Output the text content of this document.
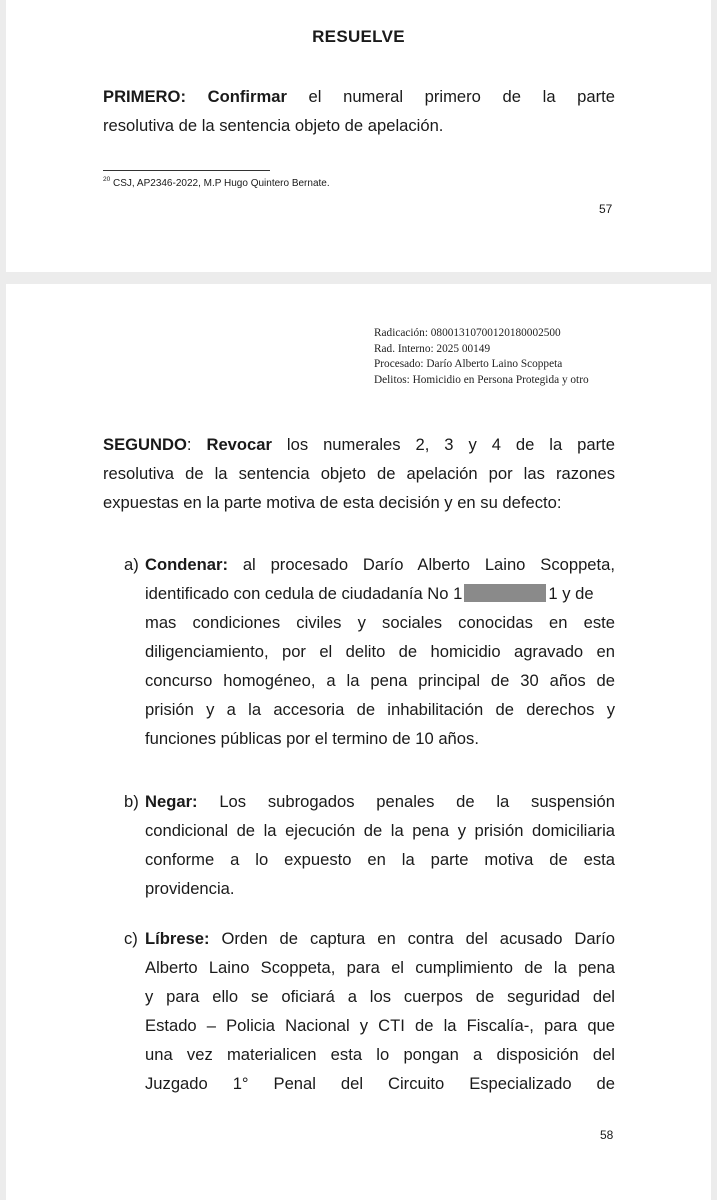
RESUELVE
PRIMERO: Confirmar el numeral primero de la parte
resolutiva de la sentencia objeto de apelación.
$^{20}$ CSJ, AP2346-2022, M.P Hugo Quintero Bernate.
57
Radicación: 08001310700120180002500
Rad. Interno: 2025 00149
Procesado: Darío Alberto Laino Scoppeta
Delitos: Homicidio en Persona Protegida y otro
SEGUNDO: Revocar los numerales 2, 3 y 4 de la parte
resolutiva de la sentencia objeto de apelación por las razones
expuestas en la parte motiva de esta decisión y en su defecto:
a) Condenar: al procesado Darío Alberto Laino Scoppeta,
identificado con cedula de ciudadanía No 1	1 y de
mas condiciones civiles y sociales conocidas en este
diligenciamiento, por el delito de homicidio agravado en
concurso homogéneo, a la pena principal de 30 años de
prisión y a la accesoria de inhabilitación de derechos y
funciones públicas por el termino de 10 años.
b) Negar: Los subrogados penales de la suspensión
condicional de la ejecución de la pena y prisión domiciliaria
conforme a lo expuesto en la parte motiva de esta
providencia.
c) Líbrese: Orden de captura en contra del acusado Darío
Alberto Laino Scoppeta, para el cumplimiento de la pena
y para ello se oficiará a los cuerpos de seguridad del
Estado – Policia Nacional y CTI de la Fiscalía-, para que
una vez materialicen esta lo pongan a disposición del
Juzgado 1° Penal del Circuito Especializado de
58
